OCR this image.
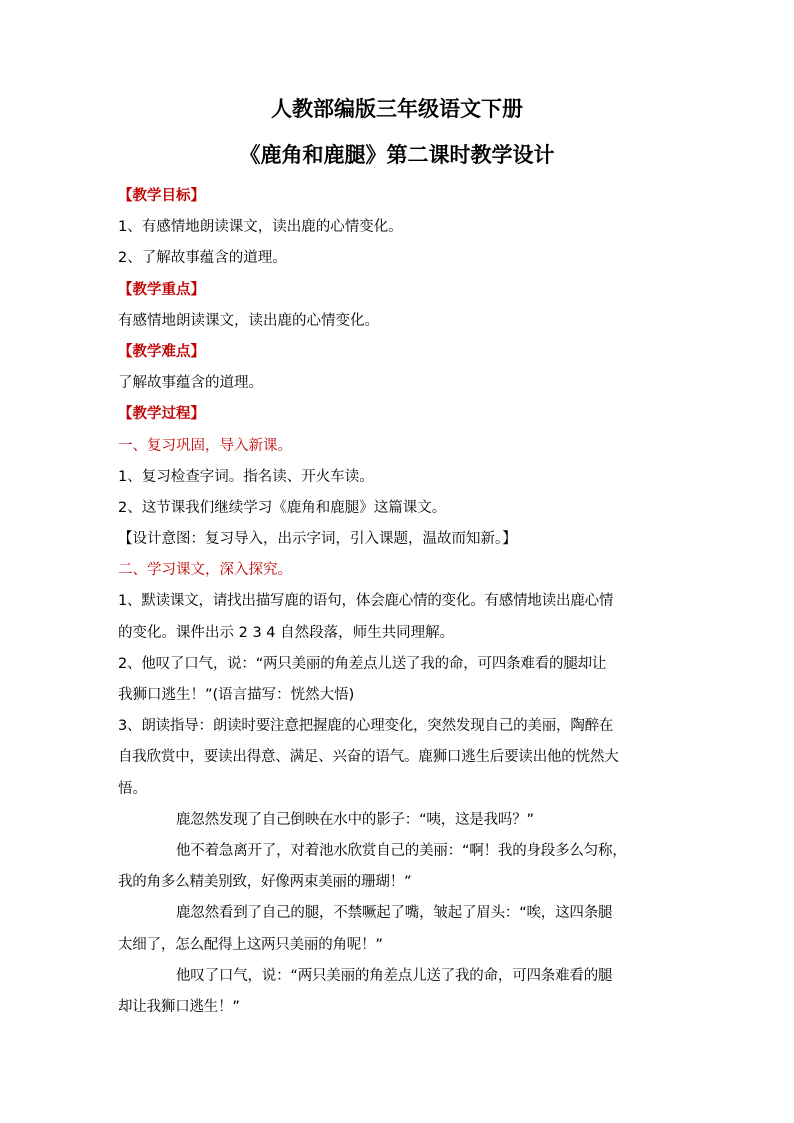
人教部编版三年级语文下册
《鹿角和鹿腿》第二课时教学设计
【教学目标】
1、有感情地朗读课文，读出鹿的心情变化。
2、了解故事蕴含的道理。
【教学重点】
有感情地朗读课文，读出鹿的心情变化。
【教学难点】
了解故事蕴含的道理。
【教学过程】
一、复习巩固，导入新课。
1、复习检查字词。指名读、开火车读。
2、这节课我们继续学习《鹿角和鹿腿》这篇课文。
【设计意图：复习导入，出示字词，引入课题，温故而知新。】
二、学习课文，深入探究。
1、默读课文，请找出描写鹿的语句，体会鹿心情的变化。有感情地读出鹿心情
的变化。课件出示 2 3 4 自然段落，师生共同理解。
2、他叹了口气，说：“两只美丽的角差点儿送了我的命，可四条难看的腿却让
我狮口逃生！”(语言描写：恍然大悟)
3、朗读指导：朗读时要注意把握鹿的心理变化，突然发现自己的美丽，陶醉在
自我欣赏中，要读出得意、满足、兴奋的语气。鹿狮口逃生后要读出他的恍然大
悟。
鹿忽然发现了自己倒映在水中的影子：“咦，这是我吗？”
他不着急离开了，对着池水欣赏自己的美丽：“啊！我的身段多么匀称，
我的角多么精美别致，好像两束美丽的珊瑚！”
鹿忽然看到了自己的腿，不禁噘起了嘴，皱起了眉头：“唉，这四条腿
太细了，怎么配得上这两只美丽的角呢！”
他叹了口气，说：“两只美丽的角差点儿送了我的命，可四条难看的腿
却让我狮口逃生！”
